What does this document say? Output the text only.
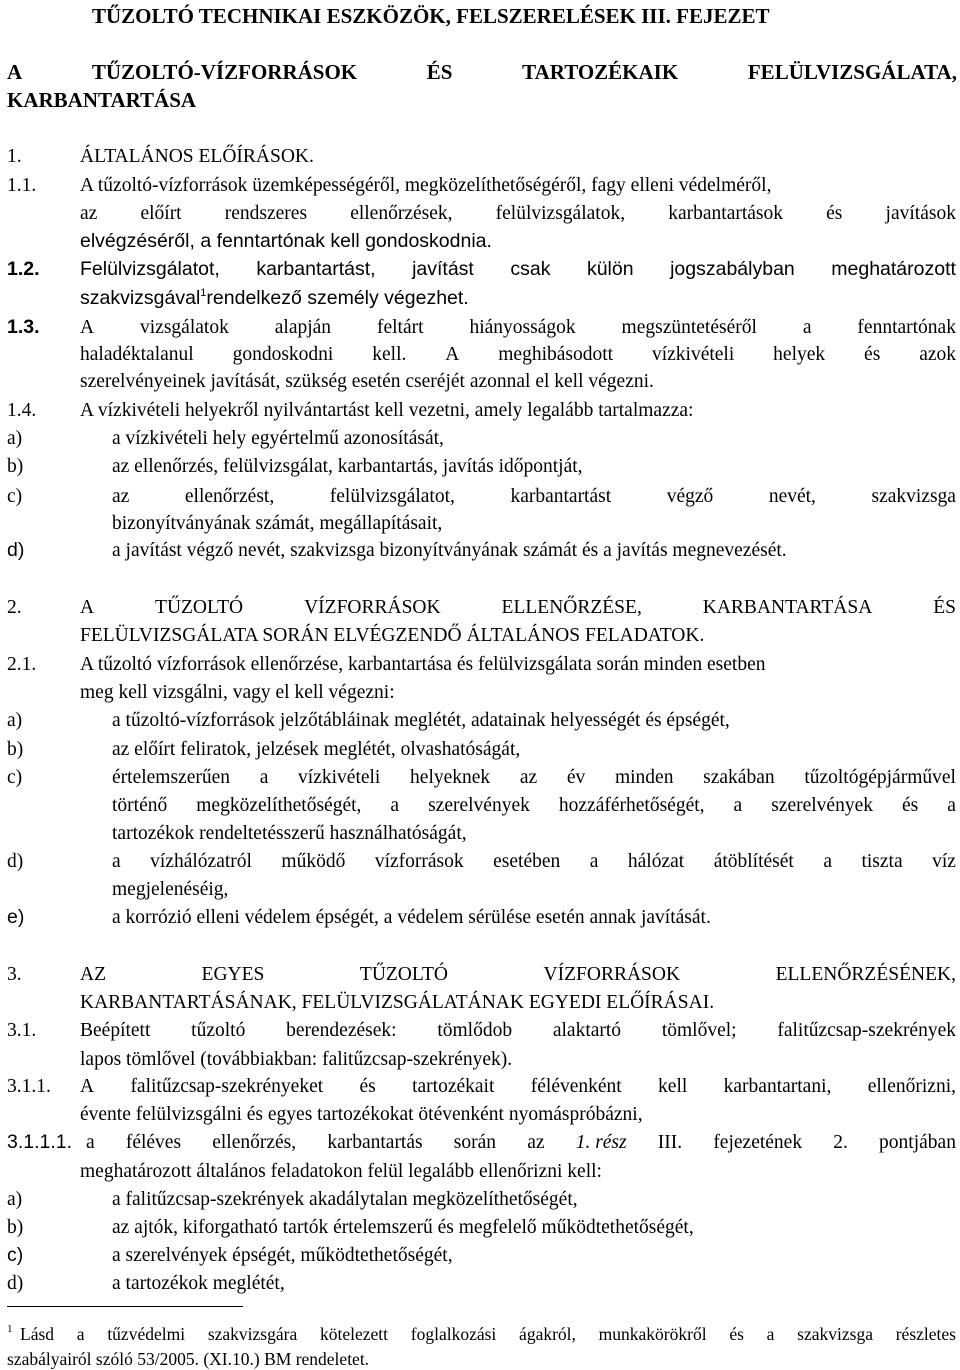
TŰZOLTÓ TECHNIKAI ESZKÖZÖK, FELSZERELÉSEK III. FEJEZET
A	TŰZOLTÓ-VÍZFORRÁSOK	ÉS	TARTOZÉKAIK	FELÜLVIZSGÁLATA,
KARBANTARTÁSA
1.	ÁLTALÁNOS ELŐÍRÁSOK.
1.1. A tűzoltó-vízforrások üzemképességéről, megközelíthetőségéről, fagy elleni védelméről,
az előírt rendszeres ellenőrzések, felülvizsgálatok, karbantartások és javítások
elvégzéséről, a fenntartónak kell gondoskodnia.
1.2. Felülvizsgálatot, karbantartást, javítást csak külön jogszabályban meghatározott
szakvizsgával$^1$rendelkező személy végezhet.
1.3. A vizsgálatok alapján feltárt hiányosságok megszüntetéséről a fenntartónak
haladéktalanul gondoskodni kell. A meghibásodott vízkivételi helyek és azok
szerelvényeinek javítását, szükség esetén cseréjét azonnal el kell végezni.
1.4. A vízkivételi helyekről nyilvántartást kell vezetni, amely legalább tartalmazza:
a)	a vízkivételi hely egyértelmű azonosítását,
b)	az ellenőrzés, felülvizsgálat, karbantartás, javítás időpontját,
c)	az	ellenőrzést,	felülvizsgálatot,	karbantartást	végző	nevét,	szakvizsga
bizonyítványának számát, megállapításait,
d)	a javítást végző nevét, szakvizsga bizonyítványának számát és a javítás megnevezését.
2.	A	TŰZOLTÓ	VÍZFORRÁSOK	ELLENŐRZÉSE,	KARBANTARTÁSA	ÉS
FELÜLVIZSGÁLATA SORÁN ELVÉGZENDŐ ÁLTALÁNOS FELADATOK.
2.1. A tűzoltó vízforrások ellenőrzése, karbantartása és felülvizsgálata során minden esetben
meg kell vizsgálni, vagy el kell végezni:
a)	a tűzoltó-vízforrások jelzőtábláinak meglétét, adatainak helyességét és épségét,
b)	az előírt feliratok, jelzések meglétét, olvashatóságát,
c)	értelemszerűen a vízkivételi helyeknek az év minden szakában tűzoltógépjárművel
történő megközelíthetőségét, a szerelvények hozzáférhetőségét, a szerelvények és a
tartozékok rendeltetésszerű használhatóságát,
d)	a vízhálózatról működő vízforrások esetében a hálózat átöblítését a tiszta víz
megjelenéséig,
e)	a korrózió elleni védelem épségét, a védelem sérülése esetén annak javítását.
3.	AZ	EGYES	TŰZOLTÓ	VÍZFORRÁSOK	ELLENŐRZÉSÉNEK,
KARBANTARTÁSÁNAK, FELÜLVIZSGÁLATÁNAK EGYEDI ELŐÍRÁSAI.
3.1. Beépített tűzoltó berendezések: tömlődob alaktartó tömlővel; falitűzcsap-szekrények
lapos tömlővel (továbbiakban: falitűzcsap-szekrények).
3.1.1. A falitűzcsap-szekrényeket és tartozékait félévenként kell karbantartani, ellenőrizni,
évente felülvizsgálni és egyes tartozékokat ötévenként nyomáspróbázni,
3.1.1.1. a féléves ellenőrzés, karbantartás során az 1. rész III. fejezetének 2. pontjában
meghatározott általános feladatokon felül legalább ellenőrizni kell:
a)	a falitűzcsap-szekrények akadálytalan megközelíthetőségét,
b)	az ajtók, kiforgatható tartók értelemszerű és megfelelő működtethetőségét,
c)	a szerelvények épségét, működtethetőségét,
d)	a tartozékok meglétét,
$^1$ Lásd a tűzvédelmi szakvizsgára kötelezett foglalkozási ágakról, munkakörökről és a szakvizsga részletes
szabályairól szóló 53/2005. (XI.10.) BM rendeletet.
